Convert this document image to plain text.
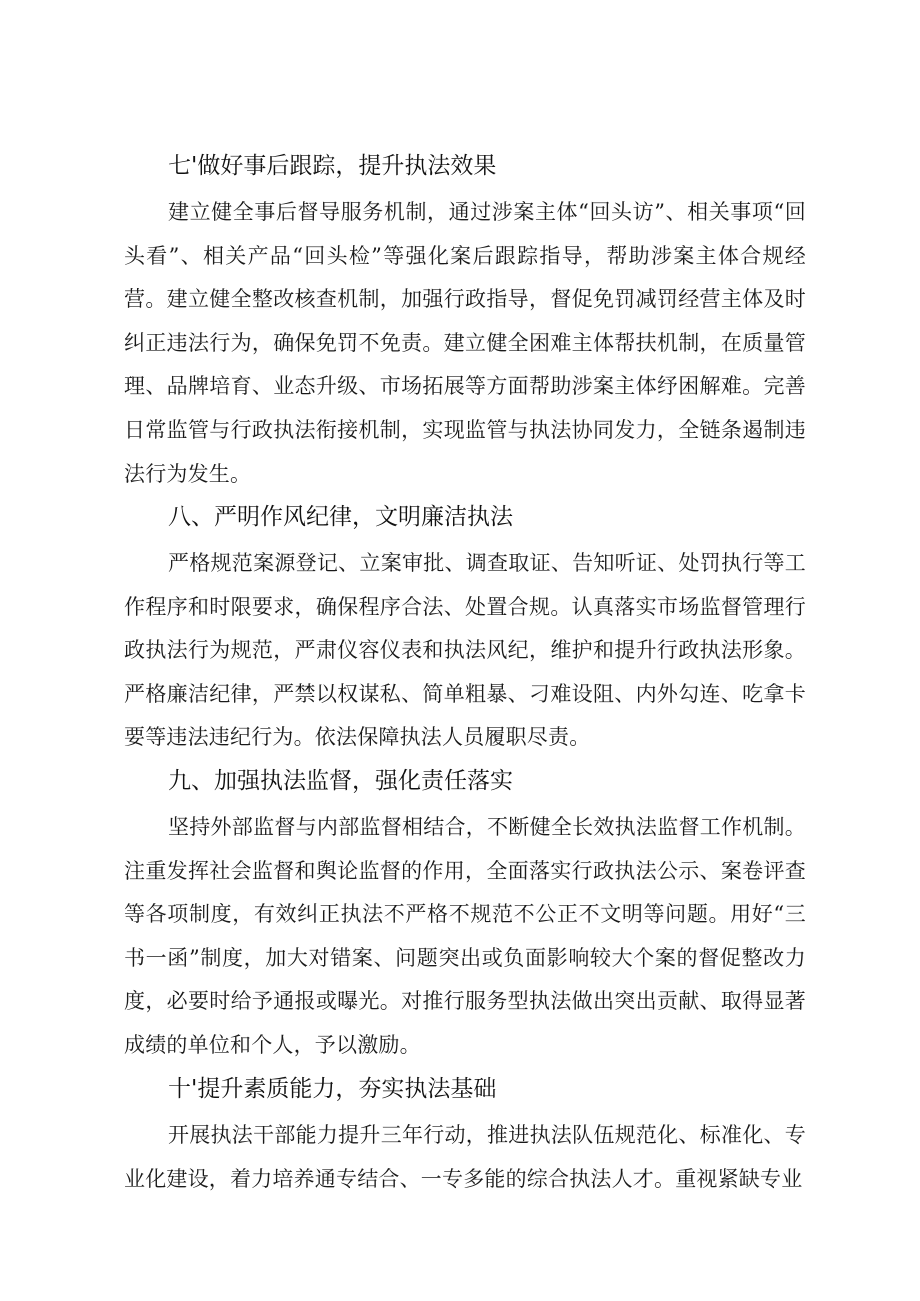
七'做好事后跟踪，提升执法效果

建立健全事后督导服务机制，通过涉案主体“回头访”、相关事项“回头看”、相关产品“回头检”等强化案后跟踪指导，帮助涉案主体合规经营。建立健全整改核查机制，加强行政指导，督促免罚减罚经营主体及时纠正违法行为，确保免罚不免责。建立健全困难主体帮扶机制，在质量管理、品牌培育、业态升级、市场拓展等方面帮助涉案主体纾困解难。完善日常监管与行政执法衔接机制，实现监管与执法协同发力，全链条遏制违法行为发生。

八、严明作风纪律，文明廉洁执法

严格规范案源登记、立案审批、调查取证、告知听证、处罚执行等工作程序和时限要求，确保程序合法、处置合规。认真落实市场监督管理行政执法行为规范，严肃仪容仪表和执法风纪，维护和提升行政执法形象。严格廉洁纪律，严禁以权谋私、简单粗暴、刁难设阻、内外勾连、吃拿卡要等违法违纪行为。依法保障执法人员履职尽责。

九、加强执法监督，强化责任落实

坚持外部监督与内部监督相结合，不断健全长效执法监督工作机制。注重发挥社会监督和舆论监督的作用，全面落实行政执法公示、案卷评查等各项制度，有效纠正执法不严格不规范不公正不文明等问题。用好“三书一函”制度，加大对错案、问题突出或负面影响较大个案的督促整改力度，必要时给予通报或曝光。对推行服务型执法做出突出贡献、取得显著成绩的单位和个人，予以激励。

十'提升素质能力，夯实执法基础

开展执法干部能力提升三年行动，推进执法队伍规范化、标准化、专业化建设，着力培养通专结合、一专多能的综合执法人才。重视紧缺专业
